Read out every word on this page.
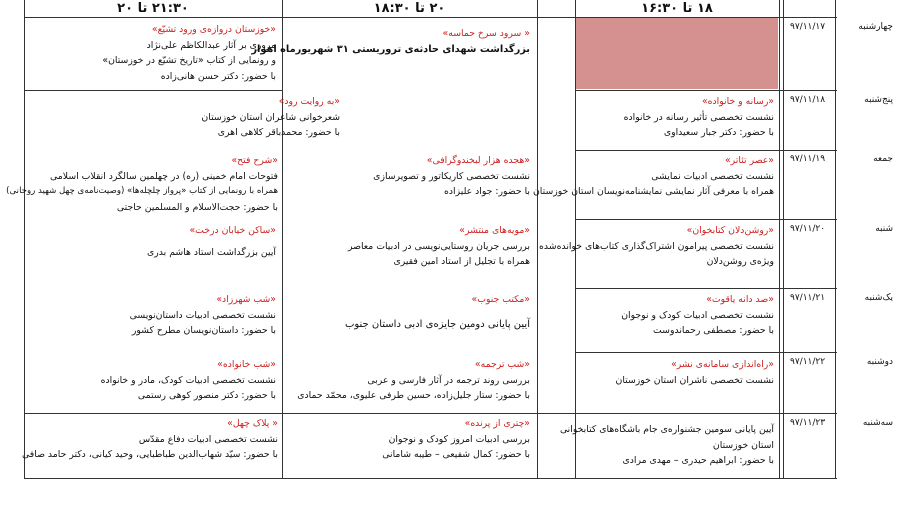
۲۱:۳۰ تا ۲۰	۲۰ تا ۱۸:۳۰	۱۸ تا ۱۶:۳۰
چهارشنبه
۹۷/۱۱/۱۷
پنج‌شنبه
۹۷/۱۱/۱۸
جمعه
۹۷/۱۱/۱۹
شنبه
۹۷/۱۱/۲۰
یک‌شنبه
۹۷/۱۱/۲۱
دوشنبه
۹۷/۱۱/۲۲
سه‌شنبه
۹۷/۱۱/۲۳
« سرود سرخ حماسه»
بزرگداشت شهدای حادثه‌ی تروریستی ۳۱ شهریورماه اهواز
«خوزستان دروازه‌ی ورود تشیّع»
مروری بر آثار عبدالکاظم علی‌نژاد
و رونمایی از کتاب «تاریخ تشیّع در خوزستان»
با حضور: دکتر حسن هانی‌زاده
«رسانه و خانواده»
نشست تخصصی تأثیر رسانه در خانواده
با حضور: دکتر جبار سعیداوی
«به روایت رود»
شعرخوانی شاعران استان خوزستان
با حضور: محمدباقر کلاهی اهری
«عصر تئاتر»
نشست تخصصی ادبیات نمایشی
همراه با معرفی آثار نمایشی نمایشنامه‌نویسان استان خوزستان
«هجده هزار لبخندوگرافی»
نشست تخصصی کاریکاتور و تصویرسازی
با حضور: جواد علیزاده
«شرح فتح»
فتوحات امام خمینی (ره) در چهلمین سالگرد انقلاب اسلامی
همراه با رونمایی از کتاب «پرواز چلچله‌ها» (وصیت‌نامه‌ی چهل شهید روحانی)
با حضور: حجت‌الاسلام و المسلمین حاجتی
«روشن‌دلان کتابخوان»
نشست تخصصی پیرامون اشتراک‌گذاری کتاب‌های خوانده‌شده
ویژه‌ی روشن‌دلان
«مویه‌های منتشر»
بررسی جریان روستایی‌نویسی در ادبیات معاصر
همراه با تجلیل از استاد امین فقیری
«ساکن خیابان درخت»
آیین بزرگداشت استاد هاشم بدری
«صد دانه یاقوت»
نشست تخصصی ادبیات کودک و نوجوان
با حضور: مصطفی رحماندوست
«مکتب جنوب»
آیین پایانی دومین جایزه‌ی ادبی داستان جنوب
«شب شهرزاد»
نشست تخصصی ادبیات داستان‌نویسی
با حضور: داستان‌نویسان مطرح کشور
«راه‌اندازی سامانه‌ی نشر»
نشست تخصصی ناشران استان خوزستان
«شب ترجمه»
بررسی روند ترجمه در آثار فارسی و عربی
با حضور: ستار جلیل‌زاده، حسین طرفی علیوی، محمّد حمادی
«شب خانواده»
نشست تخصصی ادبیات کودک، مادر و خانواده
با حضور: دکتر منصور کوهی رستمی
آیین پایانی سومین جشنواره‌ی جام باشگاه‌های کتابخوانی
استان خوزستان
با حضور: ابراهیم حیدری – مهدی مرادی
«چتری از پرنده»
بررسی ادبیات امروز کودک و نوجوان
با حضور: کمال شفیعی – طیبه شامانی
« پلاک چهل»
نشست تخصصی ادبیات دفاع مقدّس
با حضور: سیّد شهاب‌الدین طباطبایی، وحید کیانی، دکتر حامد صافی
